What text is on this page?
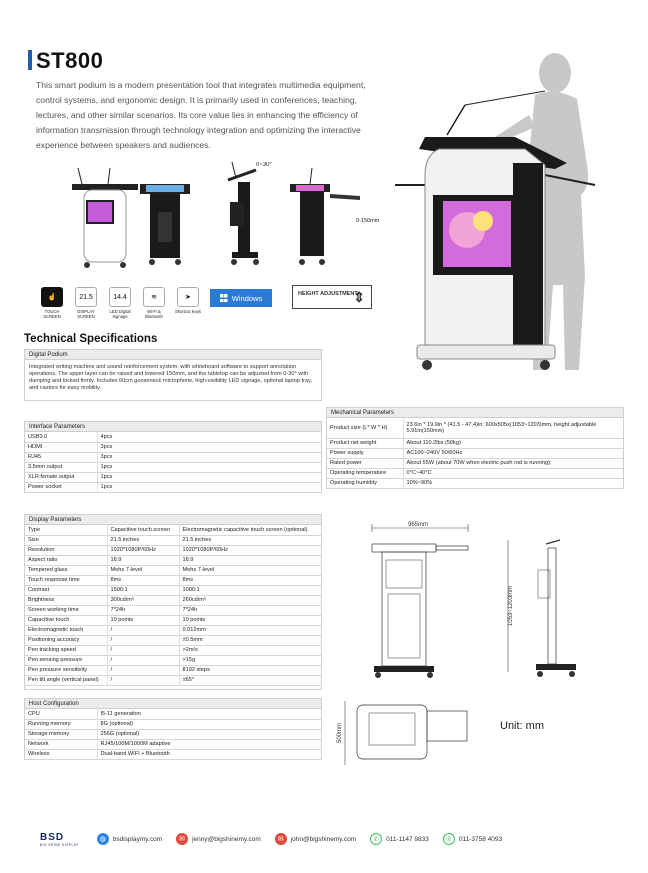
ST800
This smart podium is a modern presentation tool that integrates multimedia equipment, control systems, and ergonomic design. It is primarily used in conferences, teaching, lectures, and other similar scenarios. Its core value lies in enhancing the efficiency of information transmission through technology integration and optimizing the interactive experience between speakers and audiences.
0~30°
0-150mm
☝
TOUCH SCREEN
21.5
DISPLAY SCREEN
14.4
LED Digital Signage
≋
Wi-Fi & Bluetooth
➤
Shortcut Keys
Windows	HEIGHT ADJUSTMENT
⇕
Technical Specifications
Digital Podium
Integrated writing machine and sound reinforcement system, with whiteboard software to support annotation operations. The upper layer can be raised and lowered 150mm, and the tabletop can be adjusted from 0-30° with damping and locked firmly. Includes 60cm gooseneck microphone, high-visibility LED signage, optional laptop tray, and castors for easy mobility.
Interface Parameters
USB3.0	4pcs
HDMI	3pcs
RJ45	3pcs
3.5mm output	1pcs
XLR female output	1pcs
Power socket	1pcs
Mechanical Parameters
Product size (L* W * H)	23.6in * 19.9in * (41.5 - 47.4)in; 600x505x(1053~1203)mm, height adjustable 5.91in(150mm)
Product net weight	About 110.2lbs (50kg)
Power supply	AC100~240V 50/60Hz
Rated power	About 55W (about 70W when electric push rod is running);
Operating temperature	0°C~40°C
Operating humidity	10%~90%
Display Parameters
Type	Capacitive touch screen	Electromagnetic capacitive touch screen (optional)
Size	21.5 inches	21.5 inches
Resolution	1920*1080P/60Hz	1920*1080P/60Hz
Aspect ratio	16:9	16:9
Tempered glass	Mohs 7-level	Mohs 7-level
Touch response time	8ms	8ms
Contrast	1500:1	1000:1
Brightness	300cd/m²	260cd/m²
Screen working time	7*24h	7*24h
Capacitive touch	10 points	10 points
Electromagnetic touch	/	0.012mm
Positioning accuracy	/	±0.5mm
Pen tracking speed	/	>2m/s
Pen sensing pressure	/	>15g
Pen pressure sensitivity	/	8192 steps
Pen tilt angle (vertical panel)	/	±65°
Host Configuration
CPU	I5-11 generation
Running memory	8G (optional)
Storage memory	256G (optional)
Network	RJ45/100M/1000M adaptive
Wireless	Dual-band WIFI + Bluetooth
965mm
1053~1203mm
500mm	Unit: mm
BSD
BIG SHINE DISPLAY
◍	bsdisplaymy.com	✉	jenny@bigshinemy.com	✉	john@bigshinemy.com	✆	011-1147 9833	✆	011-3758 4093
